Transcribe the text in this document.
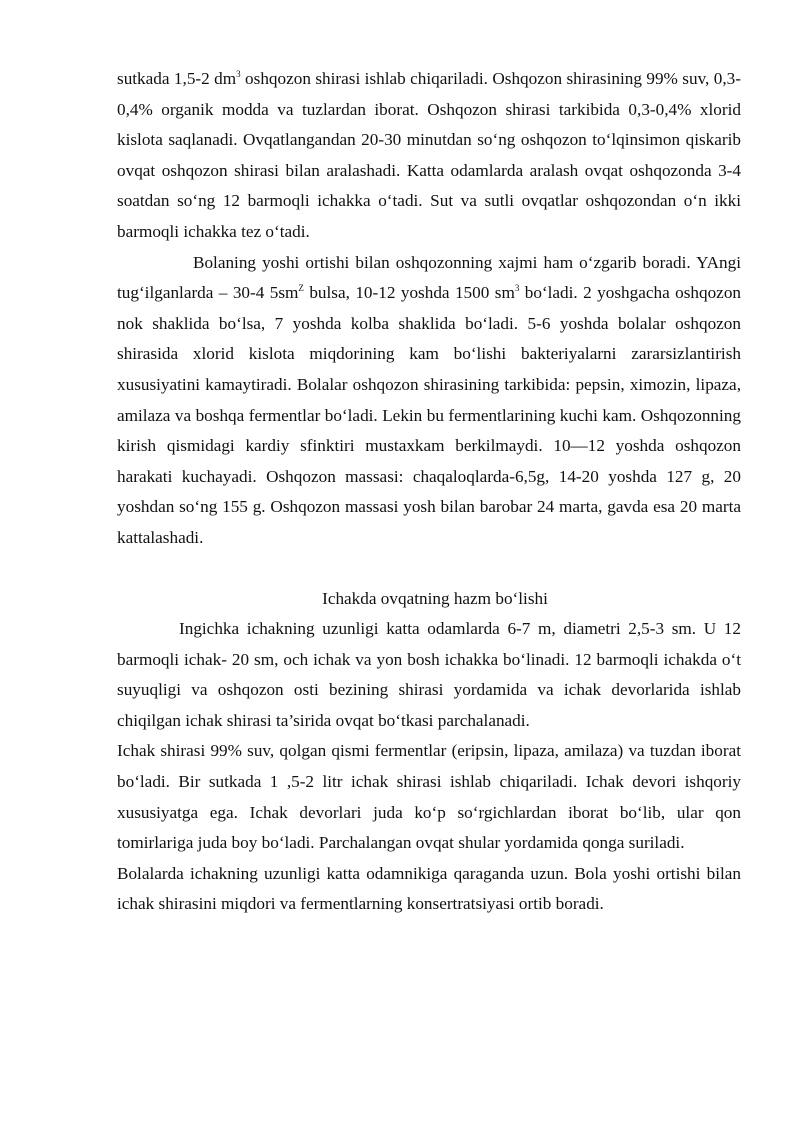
sutkada 1,5-2 $dm^3$ oshqozon shirasi ishlab chiqariladi. Oshqozon shirasining 99% suv, 0,3-0,4% organik modda va tuzlardan iborat. Oshqozon shirasi tarkibida 0,3-0,4% xlorid kislota saqlanadi. Ovqatlangandan 20-30 minutdan so‘ng oshqozon to‘lqinsimon qiskarib ovqat oshqozon shirasi bilan aralashadi. Katta odamlarda aralash ovqat oshqozonda 3-4 soatdan so‘ng 12 barmoqli ichakka o‘tadi. Sut va sutli ovqatlar oshqozondan o‘n ikki barmoqli ichakka tez o‘tadi.

Bolaning yoshi ortishi bilan oshqozonning xajmi ham o‘zgarib boradi. YAngi tug‘ilganlarda – 30-4 $5sm^Z$ bulsa, 10-12 yoshda 1500 $sm^3$ bo‘ladi. 2 yoshgacha oshqozon nok shaklida bo‘lsa, 7 yoshda kolba shaklida bo‘ladi. 5-6 yoshda bolalar oshqozon shirasida xlorid kislota miqdorining kam bo‘lishi bakteriyalarni zararsizlantirish xususiyatini kamaytiradi. Bolalar oshqozon shirasining tarkibida: pepsin, ximozin, lipaza, amilaza va boshqa fermentlar bo‘ladi. Lekin bu fermentlarining kuchi kam. Oshqozonning kirish qismidagi kardiy sfinktiri mustaxkam berkilmaydi. 10—12 yoshda oshqozon harakati kuchayadi. Oshqozon massasi: chaqaloqlarda-6,5g, 14-20 yoshda 127 g, 20 yoshdan so‘ng 155 g. Oshqozon massasi yosh bilan barobar 24 marta, gavda esa 20 marta kattalashadi.

Ichakda ovqatning hazm bo‘lishi

Ingichka ichakning uzunligi katta odamlarda 6-7 m, diametri 2,5-3 sm. U 12 barmoqli ichak- 20 sm, och ichak va yon bosh ichakka bo‘linadi. 12 barmoqli ichakda o‘t suyuqligi va oshqozon osti bezining shirasi yordamida va ichak devorlarida ishlab chiqilgan ichak shirasi ta’sirida ovqat bo‘tkasi parchalanadi.

Ichak shirasi 99% suv, qolgan qismi fermentlar (eripsin, lipaza, amilaza) va tuzdan iborat bo‘ladi. Bir sutkada 1 ,5-2 litr ichak shirasi ishlab chiqariladi. Ichak devori ishqoriy xususiyatga ega. Ichak devorlari juda ko‘p so‘rgichlardan iborat bo‘lib, ular qon tomirlariga juda boy bo‘ladi. Parchalangan ovqat shular yordamida qonga suriladi.

Bolalarda ichakning uzunligi katta odamnikiga qaraganda uzun. Bola yoshi ortishi bilan ichak shirasini miqdori va fermentlarning konsertratsiyasi ortib boradi.
